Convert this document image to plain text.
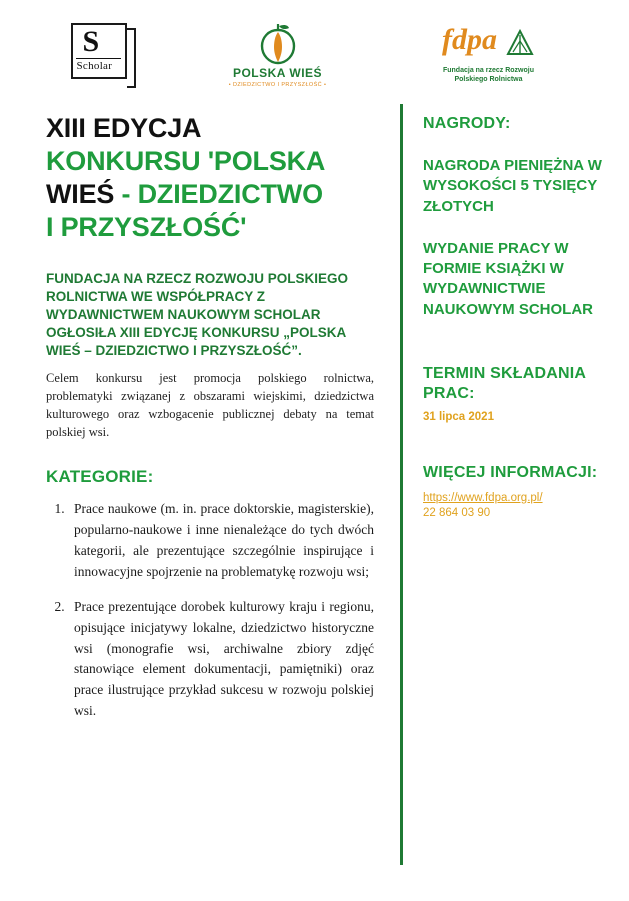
S
Scholar	POLSKA WIEŚ
• DZIEDZICTWO I PRZYSZŁOŚĆ •
fdpa
Fundacja na rzecz Rozwoju
Polskiego Rolnictwa
XIII EDYCJA
KONKURSU 'POLSKA
WIEŚ - DZIEDZICTWO
I PRZYSZŁOŚĆ'
FUNDACJA NA RZECZ ROZWOJU POLSKIEGO ROLNICTWA WE WSPÓŁPRACY Z WYDAWNICTWEM NAUKOWYM SCHOLAR OGŁOSIŁA XIII EDYCJĘ KONKURSU „POLSKA WIEŚ – DZIEDZICTWO I PRZYSZŁOŚĆ”.
Celem konkursu jest promocja polskiego rolnictwa, problematyki związanej z obszarami wiejskimi, dziedzictwa kulturowego oraz wzbogacenie publicznej debaty na temat polskiej wsi.
KATEGORIE:
1. Prace naukowe (m. in. prace doktorskie, magisterskie), popularno-naukowe i inne nienależące do tych dwóch kategorii, ale prezentujące szczególnie inspirujące i innowacyjne spojrzenie na problematykę rozwoju wsi;
2. Prace prezentujące dorobek kulturowy kraju i regionu, opisujące inicjatywy lokalne, dziedzictwo historyczne wsi (monografie wsi, archiwalne zbiory zdjęć stanowiące element dokumentacji, pamiętniki) oraz prace ilustrujące przykład sukcesu w rozwoju polskiej wsi.
NAGRODY:
NAGRODA PIENIĘŻNA W WYSOKOŚCI 5 TYSIĘCY ZŁOTYCH
WYDANIE PRACY W FORMIE KSIĄŻKI W WYDAWNICTWIE NAUKOWYM SCHOLAR
TERMIN SKŁADANIA PRAC:
31 lipca 2021
WIĘCEJ INFORMACJI:
https://www.fdpa.org.pl/
22 864 03 90
